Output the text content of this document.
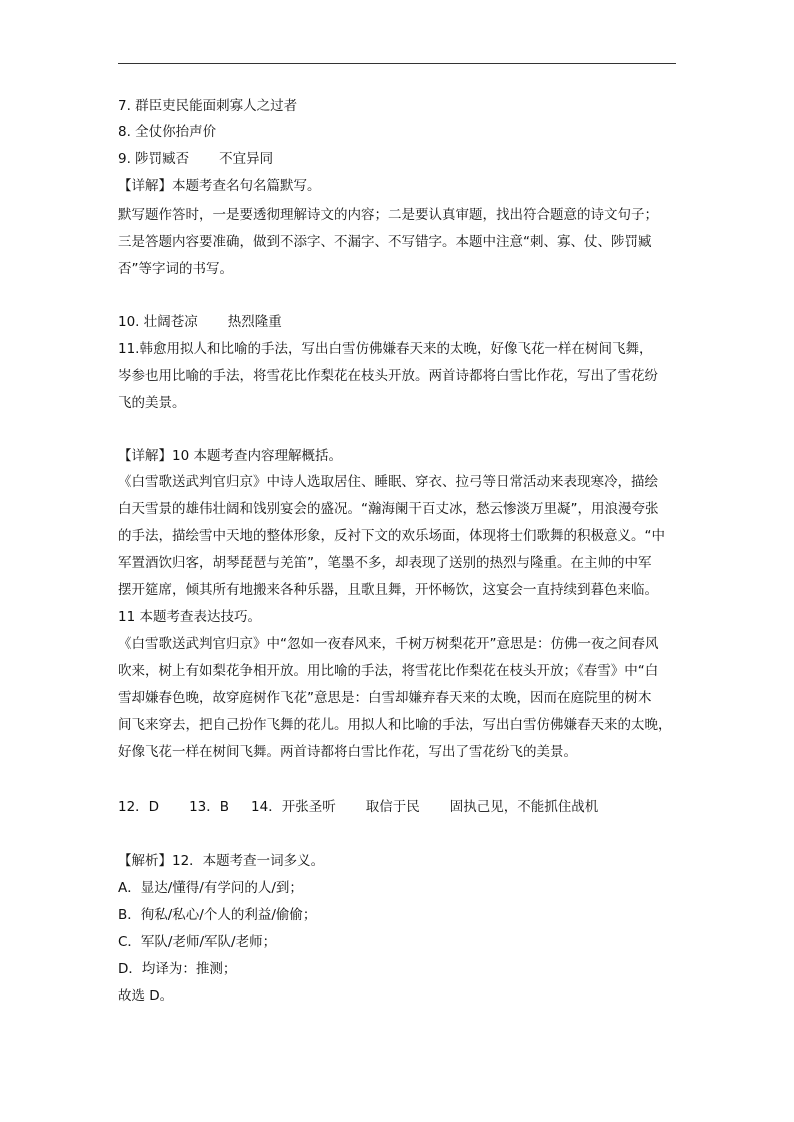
7. 群臣吏民能面刺寡人之过者

8. 全仗你抬声价

9. 陟罚臧否 不宜异同

【详解】本题考查名句名篇默写。

默写题作答时，一是要透彻理解诗文的内容；二是要认真审题，找出符合题意的诗文句子；

三是答题内容要准确，做到不添字、不漏字、不写错字。本题中注意“刺、寡、仗、陟罚臧

否”等字词的书写。

10. 壮阔苍凉 热烈隆重

11.韩愈用拟人和比喻的手法，写出白雪仿佛嫌春天来的太晚，好像飞花一样在树间飞舞，

岑参也用比喻的手法，将雪花比作梨花在枝头开放。两首诗都将白雪比作花，写出了雪花纷

飞的美景。

【详解】10 本题考查内容理解概括。

《白雪歌送武判官归京》中诗人选取居住、睡眠、穿衣、拉弓等日常活动来表现寒冷，描绘

白天雪景的雄伟壮阔和饯别宴会的盛况。“瀚海阑干百丈冰，愁云惨淡万里凝”，用浪漫夸张

的手法，描绘雪中天地的整体形象，反衬下文的欢乐场面，体现将士们歌舞的积极意义。“中

军置酒饮归客，胡琴琵琶与羌笛”，笔墨不多，却表现了送别的热烈与隆重。在主帅的中军

摆开筵席，倾其所有地搬来各种乐器，且歌且舞，开怀畅饮，这宴会一直持续到暮色来临。

11 本题考查表达技巧。

《白雪歌送武判官归京》中“忽如一夜春风来，千树万树梨花开”意思是：仿佛一夜之间春风

吹来，树上有如梨花争相开放。用比喻的手法，将雪花比作梨花在枝头开放；《春雪》中“白

雪却嫌春色晚，故穿庭树作飞花”意思是：白雪却嫌弃春天来的太晚，因而在庭院里的树木

间飞来穿去，把自己扮作飞舞的花儿。用拟人和比喻的手法，写出白雪仿佛嫌春天来的太晚，

好像飞花一样在树间飞舞。两首诗都将白雪比作花，写出了雪花纷飞的美景。

12．D 13．B 14．开张圣听 取信于民 固执己见，不能抓住战机

【解析】12．本题考查一词多义。

A．显达/懂得/有学问的人/到；

B．徇私/私心/个人的利益/偷偷；

C．军队/老师/军队/老师；

D．均译为：推测；

故选 D。
